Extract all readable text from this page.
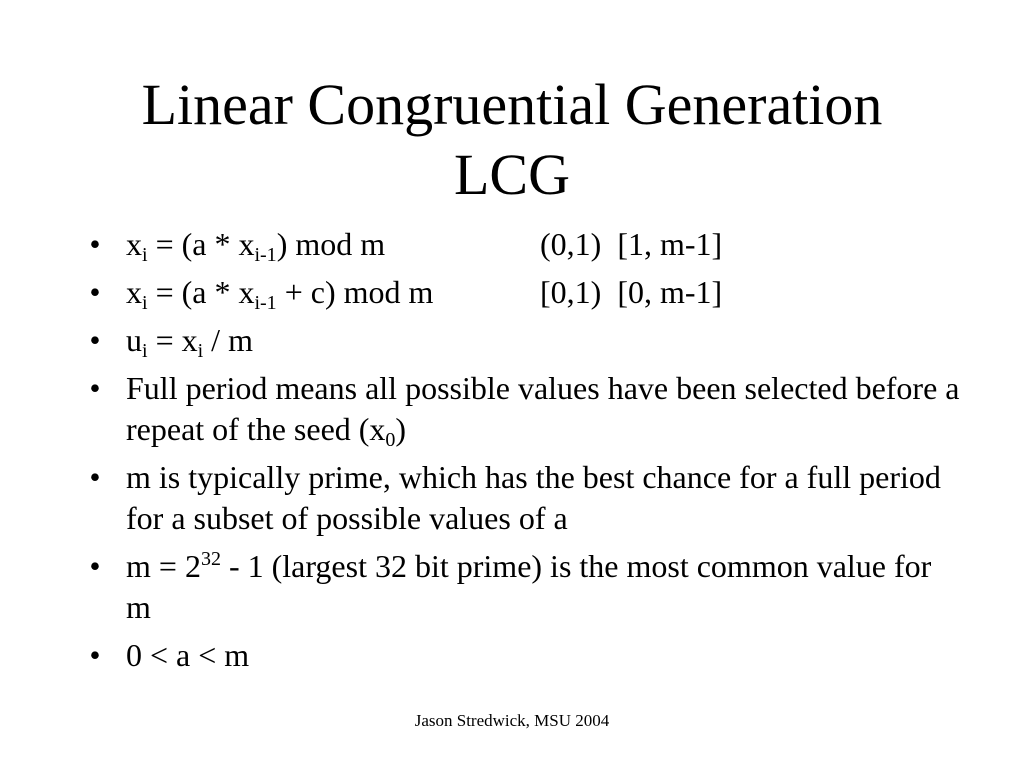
Linear Congruential Generation
LCG
• $x_i = (a * x_{i-1})$ mod m	(0,1) [1, m-1]
• $x_i = (a * x_{i-1} + c)$ mod m	[0,1) [0, m-1]
• $u_i = x_i / m$
• Full period means all possible values have been selected before a repeat of the seed $(x_0)$
• m is typically prime, which has the best chance for a full period for a subset of possible values of a
• $m = 2^{32} - 1$ (largest 32 bit prime) is the most common value for m
• 0 < a < m
Jason Stredwick, MSU 2004
